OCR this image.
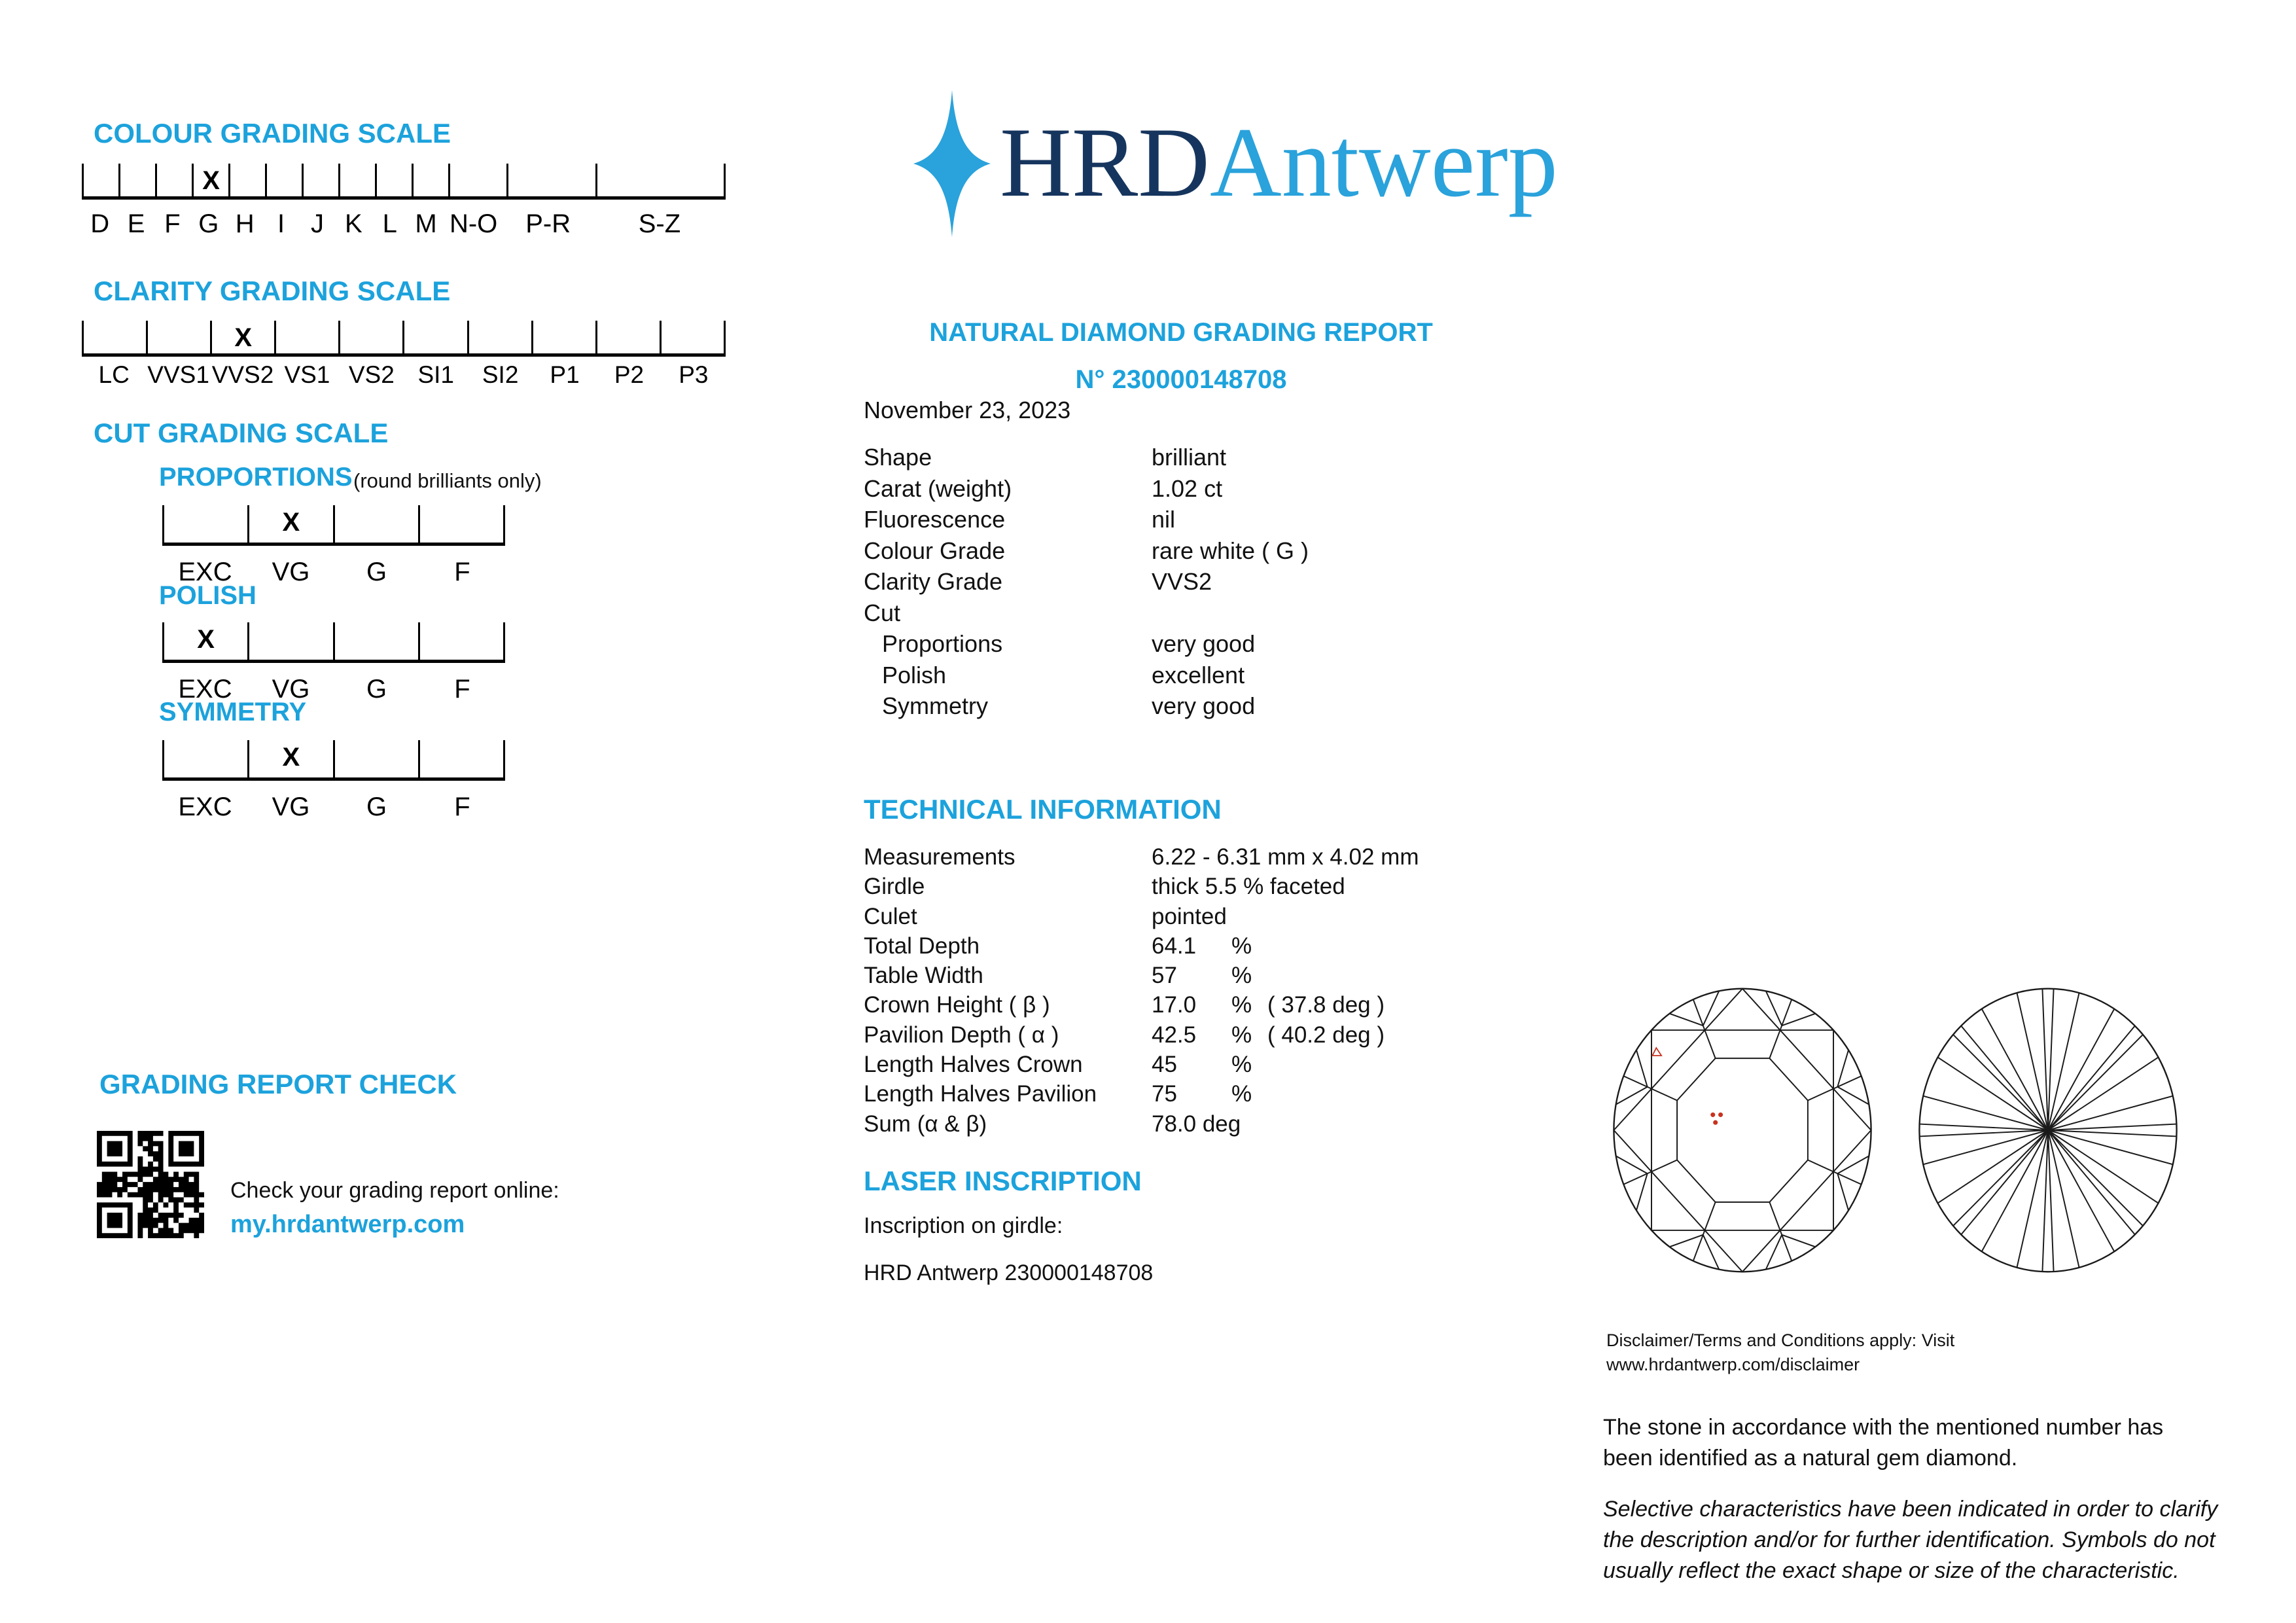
COLOUR GRADING SCALE
X
D E F G H I J K L M N-O	P-R	S-Z
CLARITY GRADING SCALE
X
LC VVS1 VVS2 VS1 VS2 SI1	SI2	P1	P2	P3
CUT GRADING SCALE
PROPORTIONS (round brilliants only)
X
EXC	VG	G	F
POLISH
X
EXC	VG	G	F
SYMMETRY
X
EXC	VG	G	F
GRADING REPORT CHECK
Check your grading report online:
my.hrdantwerp.com
HRDAntwerp
NATURAL DIAMOND GRADING REPORT
N° 230000148708
November 23, 2023
Shape	brilliant
Carat (weight)	1.02 ct
Fluorescence	nil
Colour Grade	rare white ( G )
Clarity Grade	VVS2
Cut
Proportions	very good
Polish	excellent
Symmetry	very good
TECHNICAL INFORMATION
Measurements	6.22 - 6.31 mm x 4.02 mm
Girdle	thick 5.5 % faceted
Culet	pointed
Total Depth	64.1	%
Table Width	57	%
Crown Height ( β )	17.0	% ( 37.8 deg )
Pavilion Depth ( α )	42.5	% ( 40.2 deg )
Length Halves Crown	45	%
Length Halves Pavilion	75	%
Sum (α & β)	78.0 deg
LASER INSCRIPTION
Inscription on girdle:
HRD Antwerp 230000148708
Disclaimer/Terms and Conditions apply: Visit
www.hrdantwerp.com/disclaimer
The stone in accordance with the mentioned number has been identified as a natural gem diamond.
Selective characteristics have been indicated in order to clarify the description and/or for further identification. Symbols do not usually reflect the exact shape or size of the characteristic.
